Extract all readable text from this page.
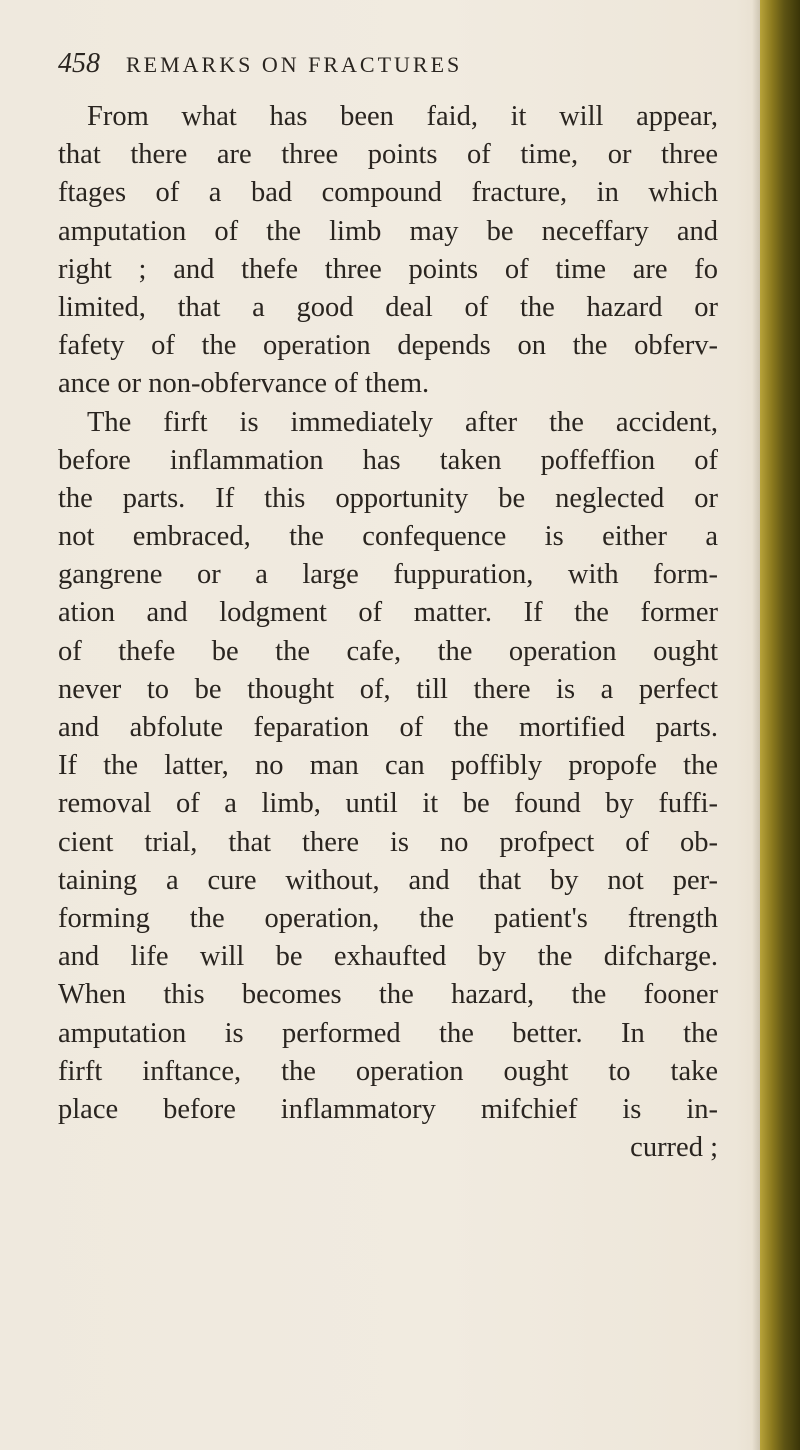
458 REMARKS ON FRACTURES
From what has been faid, it will appear,
that there are three points of time, or three
ftages of a bad compound fracture, in which
amputation of the limb may be neceffary and
right ; and thefe three points of time are fo
limited, that a good deal of the hazard or
fafety of the operation depends on the obferv-
ance or non-obfervance of them.
The firft is immediately after the accident,
before inflammation has taken poffeffion of
the parts. If this opportunity be neglected or
not embraced, the confequence is either a
gangrene or a large fuppuration, with form-
ation and lodgment of matter. If the former
of thefe be the cafe, the operation ought
never to be thought of, till there is a perfect
and abfolute feparation of the mortified parts.
If the latter, no man can poffibly propofe the
removal of a limb, until it be found by fuffi-
cient trial, that there is no profpect of ob-
taining a cure without, and that by not per-
forming the operation, the patient's ftrength
and life will be exhaufted by the difcharge.
When this becomes the hazard, the fooner
amputation is performed the better. In the
firft inftance, the operation ought to take
place before inflammatory mifchief is in-
curred ;
